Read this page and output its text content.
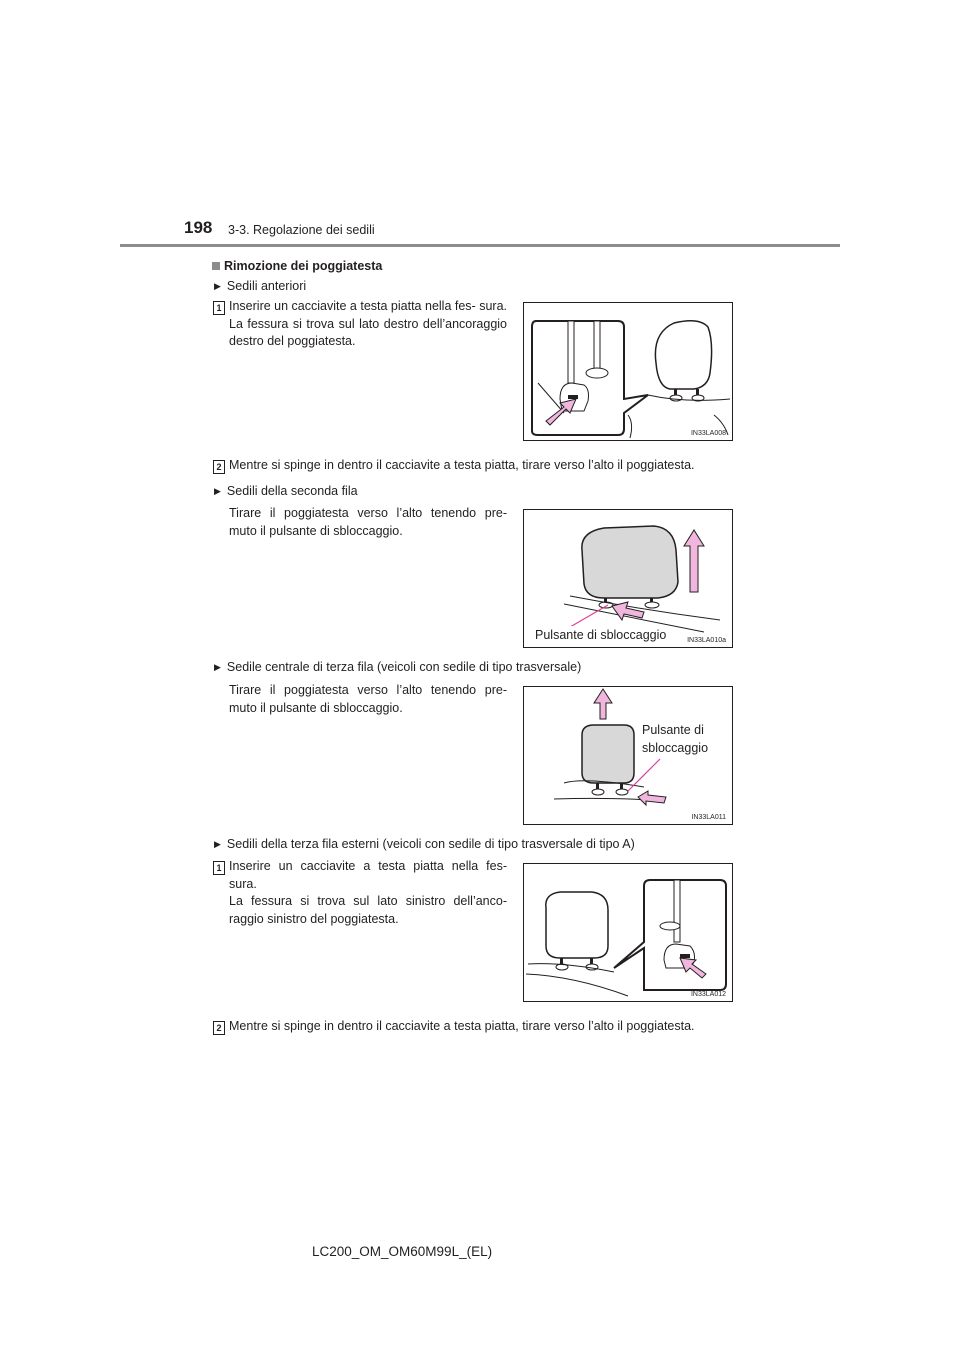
198 3-3. Regolazione dei sedili
Rimozione dei poggiatesta
▶ Sedili anteriori
1 Inserire un cacciavite a testa piatta nella fes- sura. La fessura si trova sul lato destro dell’ancoraggio destro del poggiatesta.
IN33LA008
2 Mentre si spinge in dentro il cacciavite a testa piatta, tirare verso l’alto il poggiatesta.
▶ Sedili della seconda fila
Tirare il poggiatesta verso l’alto tenendo pre- muto il pulsante di sbloccaggio.
Pulsante di sbloccaggio	IN33LA010a
▶ Sedile centrale di terza fila (veicoli con sedile di tipo trasversale)
Tirare il poggiatesta verso l’alto tenendo pre- muto il pulsante di sbloccaggio.
Pulsante di
sbloccaggio
IN33LA011
▶ Sedili della terza fila esterni (veicoli con sedile di tipo trasversale di tipo A)
1 Inserire un cacciavite a testa piatta nella fes-
sura.
La fessura si trova sul lato sinistro dell’anco-
raggio sinistro del poggiatesta.
IN33LA012
2 Mentre si spinge in dentro il cacciavite a testa piatta, tirare verso l’alto il poggiatesta.
LC200_OM_OM60M99L_(EL)
